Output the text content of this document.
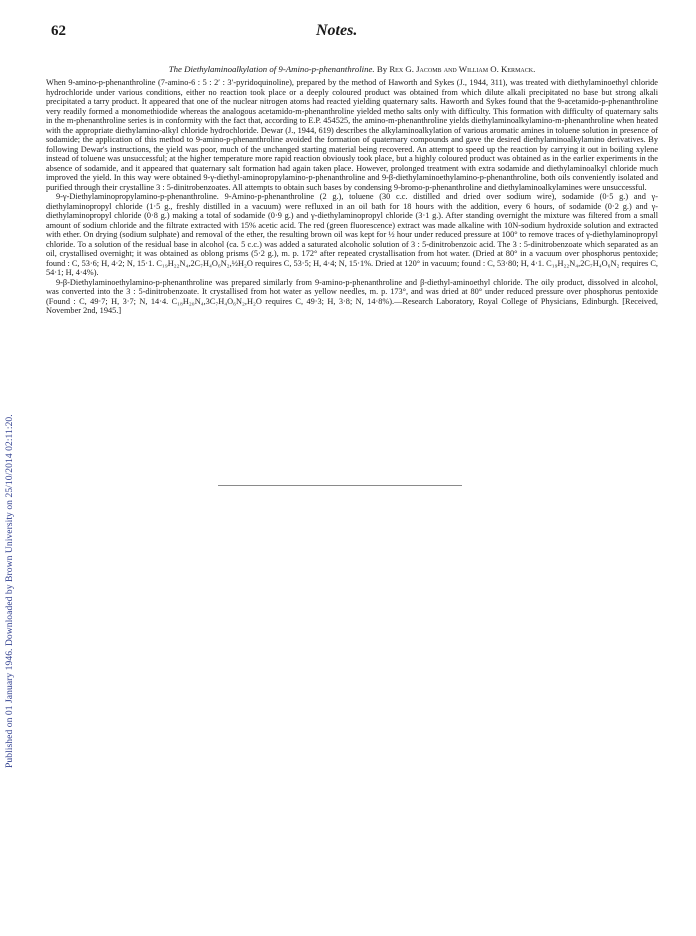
Published on 01 January 1946. Downloaded by Brown University on 25/10/2014 02:11:20.
62	Notes.
The Diethylaminoalkylation of 9-Amino-p-phenanthroline. By Rex G. Jacomb and William O. Kermack.

When 9-amino-p-phenanthroline (7-amino-6 : 5 : 2′ : 3′-pyridoquinoline), prepared by the method of Haworth and Sykes (J., 1944, 311), was treated with diethylaminoethyl chloride hydrochloride under various conditions, either no reaction took place or a deeply coloured product was obtained from which dilute alkali precipitated no base but strong alkali precipitated a tarry product. It appeared that one of the nuclear nitrogen atoms had reacted yielding quaternary salts. Haworth and Sykes found that the 9-acetamido-p-phenanthroline very readily formed a monomethiodide whereas the analogous acetamido-m-phenanthroline yielded metho salts only with difficulty. This formation with difficulty of quaternary salts in the m-phenanthroline series is in conformity with the fact that, according to E.P. 454525, the amino-m-phenanthroline yields diethylaminoalkylamino-m-phenanthroline when heated with the appropriate diethylamino-alkyl chloride hydrochloride. Dewar (J., 1944, 619) describes the alkylaminoalkylation of various aromatic amines in toluene solution in presence of sodamide; the application of this method to 9-amino-p-phenanthroline avoided the formation of quaternary compounds and gave the desired diethylaminoalkylamino derivatives. By following Dewar's instructions, the yield was poor, much of the unchanged starting material being recovered. An attempt to speed up the reaction by carrying it out in boiling xylene instead of toluene was unsuccessful; at the higher temperature more rapid reaction obviously took place, but a highly coloured product was obtained as in the earlier experiments in the absence of sodamide, and it appeared that quaternary salt formation had again taken place. However, prolonged treatment with extra sodamide and diethylaminoalkyl chloride much improved the yield. In this way were obtained 9-γ-diethyl-aminopropylamino-p-phenanthroline and 9-β-diethylaminoethylamino-p-phenanthroline, both oils conveniently isolated and purified through their crystalline 3 : 5-dinitrobenzoates. All attempts to obtain such bases by condensing 9-bromo-p-phenanthroline and diethylaminoalkylamines were unsuccessful.

9-γ-Diethylaminopropylamino-p-phenanthroline. 9-Amino-p-phenanthroline (2 g.), toluene (30 c.c. distilled and dried over sodium wire), sodamide (0·5 g.) and γ-diethylaminopropyl chloride (1·5 g., freshly distilled in a vacuum) were refluxed in an oil bath for 18 hours with the addition, every 6 hours, of sodamide (0·2 g.) and γ-diethylaminopropyl chloride (0·8 g.) making a total of sodamide (0·9 g.) and γ-diethylaminopropyl chloride (3·1 g.). After standing overnight the mixture was filtered from a small amount of sodium chloride and the filtrate extracted with 15% acetic acid. The red (green fluorescence) extract was made alkaline with 10N-sodium hydroxide solution and extracted with ether. On drying (sodium sulphate) and removal of the ether, the resulting brown oil was kept for ½ hour under reduced pressure at 100° to remove traces of γ-diethylaminopropyl chloride. To a solution of the residual base in alcohol (ca. 5 c.c.) was added a saturated alcoholic solution of 3 : 5-dinitrobenzoic acid. The 3 : 5-dinitrobenzoate which separated as an oil, crystallised overnight; it was obtained as oblong prisms (5·2 g.), m. p. 172° after repeated crystallisation from hot water. (Dried at 80° in a vacuum over phosphorus pentoxide; found : C, 53·6; H, 4·2; N, 15·1. C₁₉H₂₂N₄,2C₇H₄O₆N₂,½H₂O requires C, 53·5; H, 4·4; N, 15·1%. Dried at 120° in vacuum; found : C, 53·80; H, 4·1. C₁₉H₂₂N₄,2C₇H₄O₆N₂ requires C, 54·1; H, 4·4%).

9-β-Diethylaminoethylamino-p-phenanthroline was prepared similarly from 9-amino-p-phenanthroline and β-diethyl-aminoethyl chloride. The oily product, dissolved in alcohol, was converted into the 3 : 5-dinitrobenzoate. It crystallised from hot water as yellow needles, m. p. 173°, and was dried at 80° under reduced pressure over phosphorus pentoxide (Found : C, 49·7; H, 3·7; N, 14·4. C₁₈H₂₀N₄,3C₇H₄O₆N₂,H₂O requires C, 49·3; H, 3·8; N, 14·8%).—Research Laboratory, Royal College of Physicians, Edinburgh. [Received, November 2nd, 1945.]
